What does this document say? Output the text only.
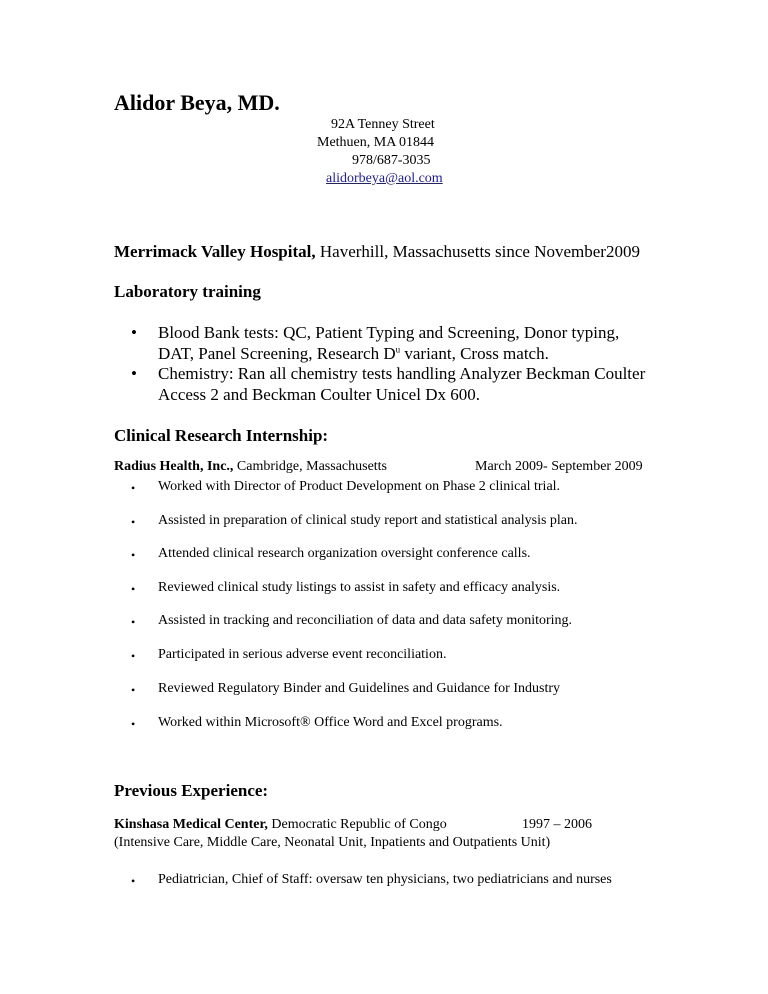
Alidor Beya, MD.
92A Tenney Street
Methuen, MA 01844
978/687-3035
alidorbeya@aol.com
Merrimack Valley Hospital, Haverhill, Massachusetts since November2009
Laboratory training
• Blood Bank tests: QC, Patient Typing and Screening, Donor typing,
DAT, Panel Screening, Research $D^u$ variant, Cross match.
• Chemistry: Ran all chemistry tests handling Analyzer Beckman Coulter
Access 2 and Beckman Coulter Unicel Dx 600.
Clinical Research Internship:
Radius Health, Inc., Cambridge, Massachusetts	March 2009- September 2009
• Worked with Director of Product Development on Phase 2 clinical trial.
• Assisted in preparation of clinical study report and statistical analysis plan.
• Attended clinical research organization oversight conference calls.
• Reviewed clinical study listings to assist in safety and efficacy analysis.
• Assisted in tracking and reconciliation of data and data safety monitoring.
• Participated in serious adverse event reconciliation.
• Reviewed Regulatory Binder and Guidelines and Guidance for Industry
• Worked within Microsoft® Office Word and Excel programs.
Previous Experience:
Kinshasa Medical Center, Democratic Republic of Congo	1997 – 2006
(Intensive Care, Middle Care, Neonatal Unit, Inpatients and Outpatients Unit)
• Pediatrician, Chief of Staff: oversaw ten physicians, two pediatricians and nurses
